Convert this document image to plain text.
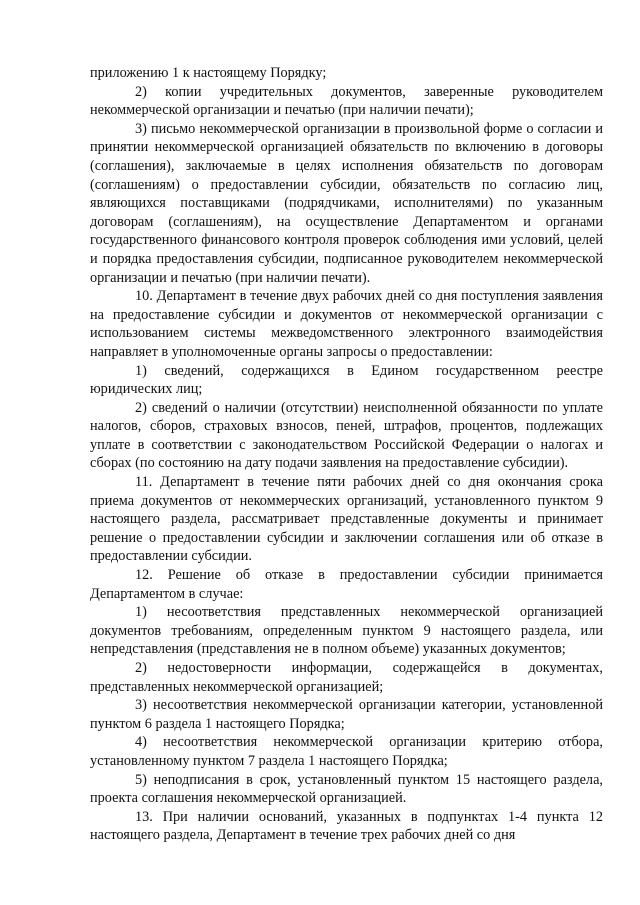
приложению 1 к настоящему Порядку;

2) копии учредительных документов, заверенные руководителем некоммерческой организации и печатью (при наличии печати);

3) письмо некоммерческой организации в произвольной форме о согласии и принятии некоммерческой организацией обязательств по включению в договоры (соглашения), заключаемые в целях исполнения обязательств по договорам (соглашениям) о предоставлении субсидии, обязательств по согласию лиц, являющихся поставщиками (подрядчиками, исполнителями) по указанным договорам (соглашениям), на осуществление Департаментом и органами государственного финансового контроля проверок соблюдения ими условий, целей и порядка предоставления субсидии, подписанное руководителем некоммерческой организации и печатью (при наличии печати).

10. Департамент в течение двух рабочих дней со дня поступления заявления на предоставление субсидии и документов от некоммерческой организации с использованием системы межведомственного электронного взаимодействия направляет в уполномоченные органы запросы о предоставлении:

1) сведений, содержащихся в Едином государственном реестре юридических лиц;

2) сведений о наличии (отсутствии) неисполненной обязанности по уплате налогов, сборов, страховых взносов, пеней, штрафов, процентов, подлежащих уплате в соответствии с законодательством Российской Федерации о налогах и сборах (по состоянию на дату подачи заявления на предоставление субсидии).

11. Департамент в течение пяти рабочих дней со дня окончания срока приема документов от некоммерческих организаций, установленного пунктом 9 настоящего раздела, рассматривает представленные документы и принимает решение о предоставлении субсидии и заключении соглашения или об отказе в предоставлении субсидии.

12. Решение об отказе в предоставлении субсидии принимается Департаментом в случае:

1) несоответствия представленных некоммерческой организацией документов требованиям, определенным пунктом 9 настоящего раздела, или непредставления (представления не в полном объеме) указанных документов;

2) недостоверности информации, содержащейся в документах, представленных некоммерческой организацией;

3) несоответствия некоммерческой организации категории, установленной пунктом 6 раздела 1 настоящего Порядка;

4) несоответствия некоммерческой организации критерию отбора, установленному пунктом 7 раздела 1 настоящего Порядка;

5) неподписания в срок, установленный пунктом 15 настоящего раздела, проекта соглашения некоммерческой организацией.

13. При наличии оснований, указанных в подпунктах 1-4 пункта 12 настоящего раздела, Департамент в течение трех рабочих дней со дня
